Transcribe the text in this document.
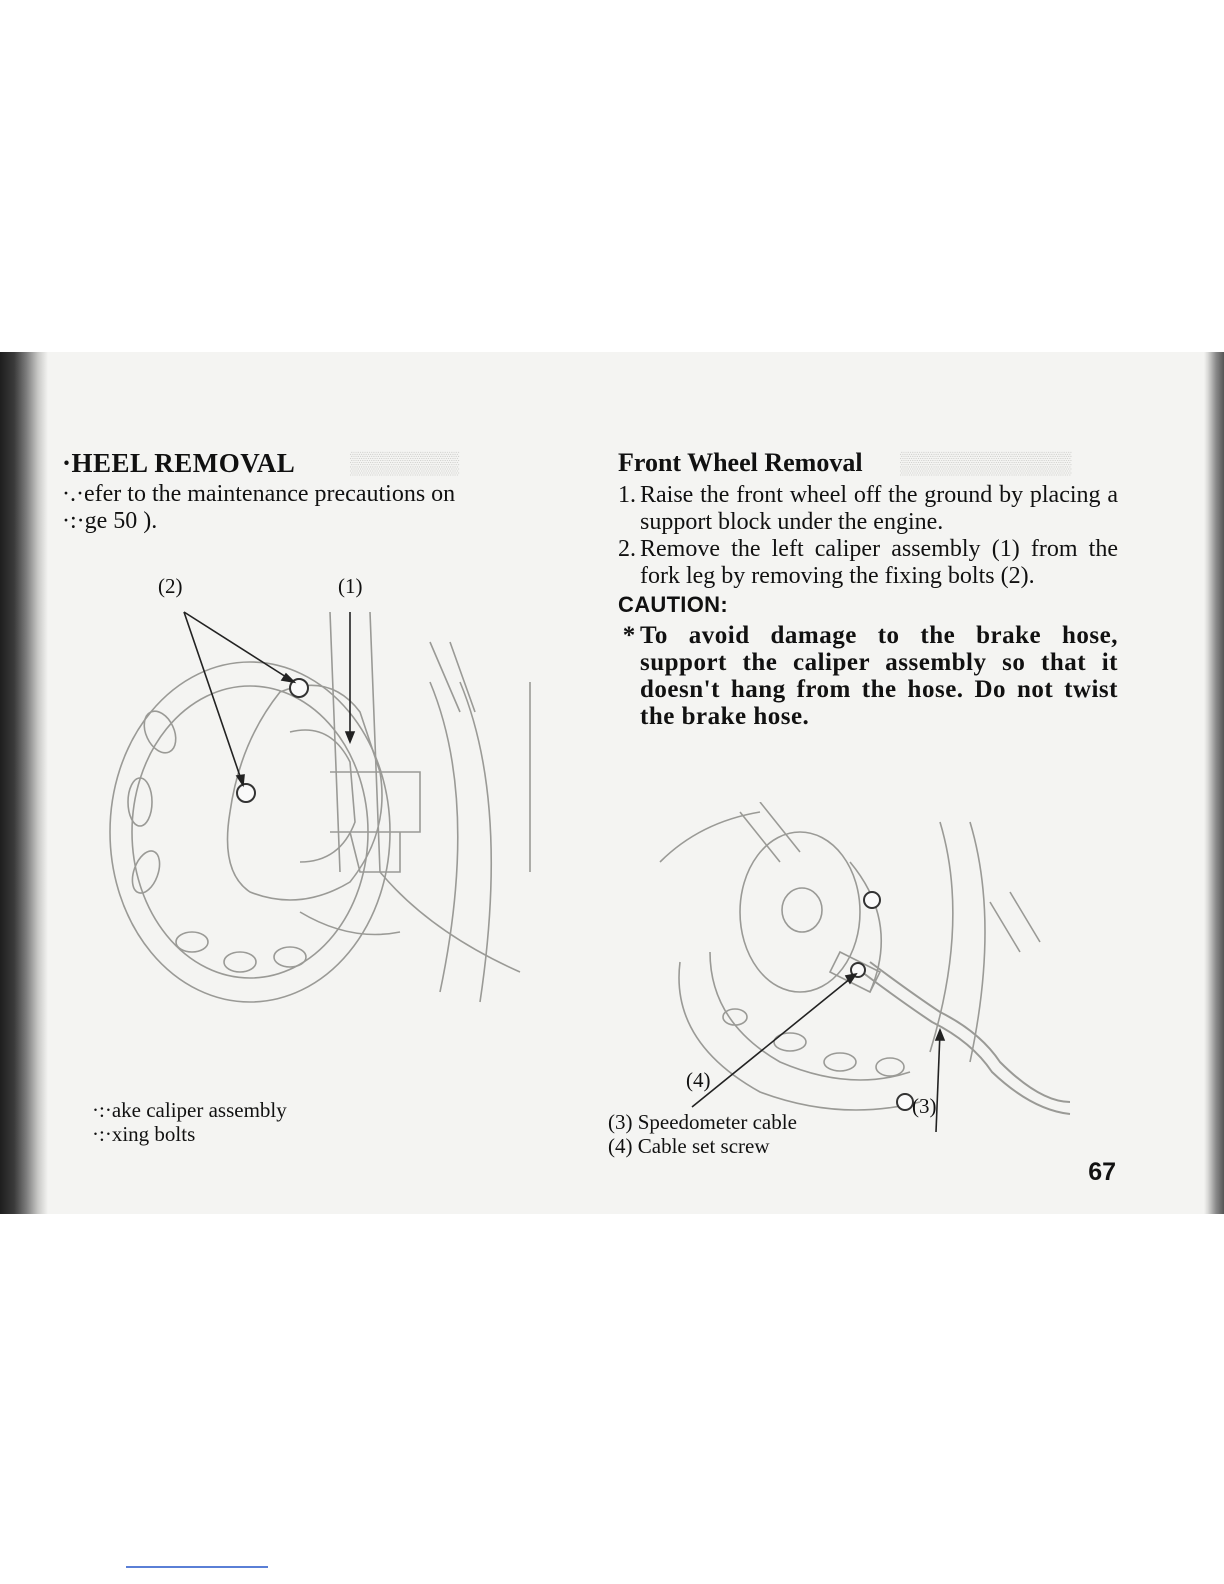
▒▒▒▒▒▒▒	▒▒▒▒▒▒▒▒▒▒▒
·HEEL REMOVAL

·.·efer to the maintenance precautions on

·:·ge 50 ).

(2)	(1)
·:·ake caliper assembly
·:·xing bolts
Front Wheel Removal
1. Raise the front wheel off the ground by placing a support block under the engine.
2. Remove the left caliper assembly (1) from the fork leg by removing the fixing bolts (2).
CAUTION:
* To avoid damage to the brake hose, support the caliper assembly so that it doesn't hang from the hose. Do not twist the brake hose.
(4)
(3)
(3) Speedometer cable
(4) Cable set screw
67
